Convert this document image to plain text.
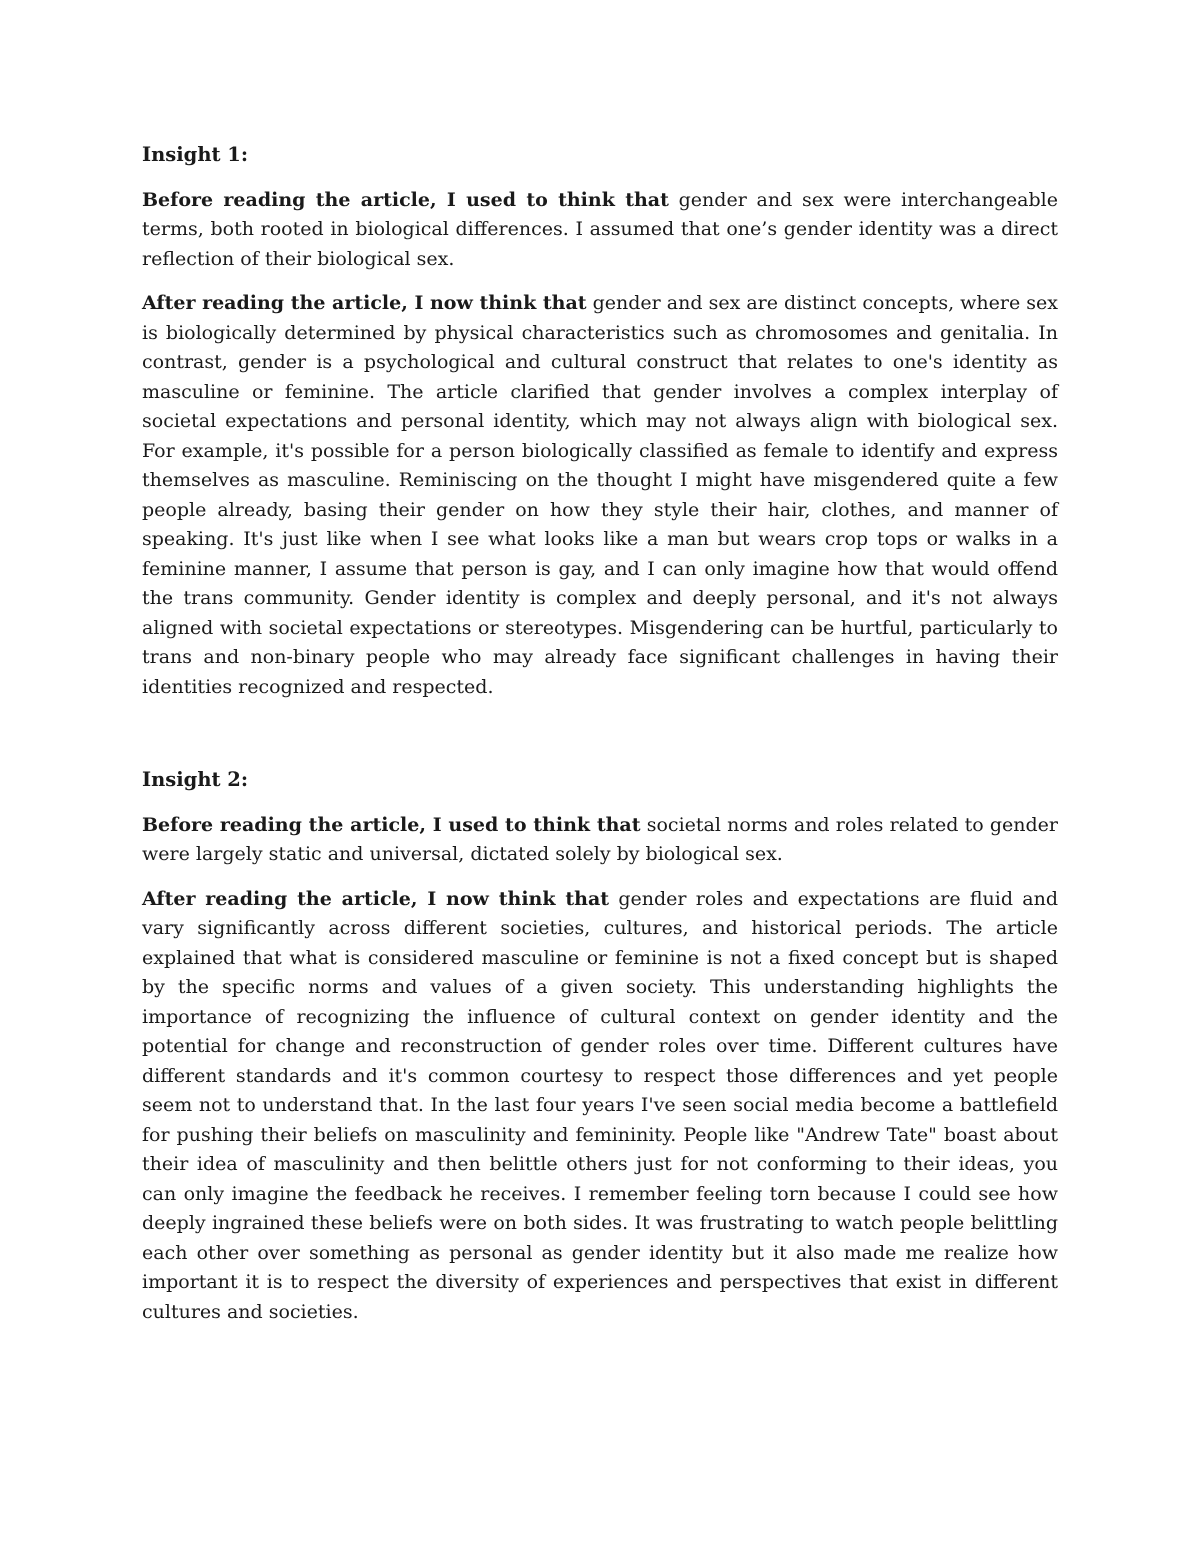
Insight 1:

Before reading the article, I used to think that gender and sex were interchangeable terms, both rooted in biological differences. I assumed that one’s gender identity was a direct reflection of their biological sex.

After reading the article, I now think that gender and sex are distinct concepts, where sex is biologically determined by physical characteristics such as chromosomes and genitalia. In contrast, gender is a psychological and cultural construct that relates to one's identity as masculine or feminine. The article clarified that gender involves a complex interplay of societal expectations and personal identity, which may not always align with biological sex. For example, it's possible for a person biologically classified as female to identify and express themselves as masculine. Reminiscing on the thought I might have misgendered quite a few people already, basing their gender on how they style their hair, clothes, and manner of speaking. It's just like when I see what looks like a man but wears crop tops or walks in a feminine manner, I assume that person is gay, and I can only imagine how that would offend the trans community. Gender identity is complex and deeply personal, and it's not always aligned with societal expectations or stereotypes. Misgendering can be hurtful, particularly to trans and non-binary people who may already face significant challenges in having their identities recognized and respected.

Insight 2:

Before reading the article, I used to think that societal norms and roles related to gender were largely static and universal, dictated solely by biological sex.

After reading the article, I now think that gender roles and expectations are fluid and vary significantly across different societies, cultures, and historical periods. The article explained that what is considered masculine or feminine is not a fixed concept but is shaped by the specific norms and values of a given society. This understanding highlights the importance of recognizing the influence of cultural context on gender identity and the potential for change and reconstruction of gender roles over time. Different cultures have different standards and it's common courtesy to respect those differences and yet people seem not to understand that. In the last four years I've seen social media become a battlefield for pushing their beliefs on masculinity and femininity. People like "Andrew Tate" boast about their idea of masculinity and then belittle others just for not conforming to their ideas, you can only imagine the feedback he receives. I remember feeling torn because I could see how deeply ingrained these beliefs were on both sides. It was frustrating to watch people belittling each other over something as personal as gender identity but it also made me realize how important it is to respect the diversity of experiences and perspectives that exist in different cultures and societies.
